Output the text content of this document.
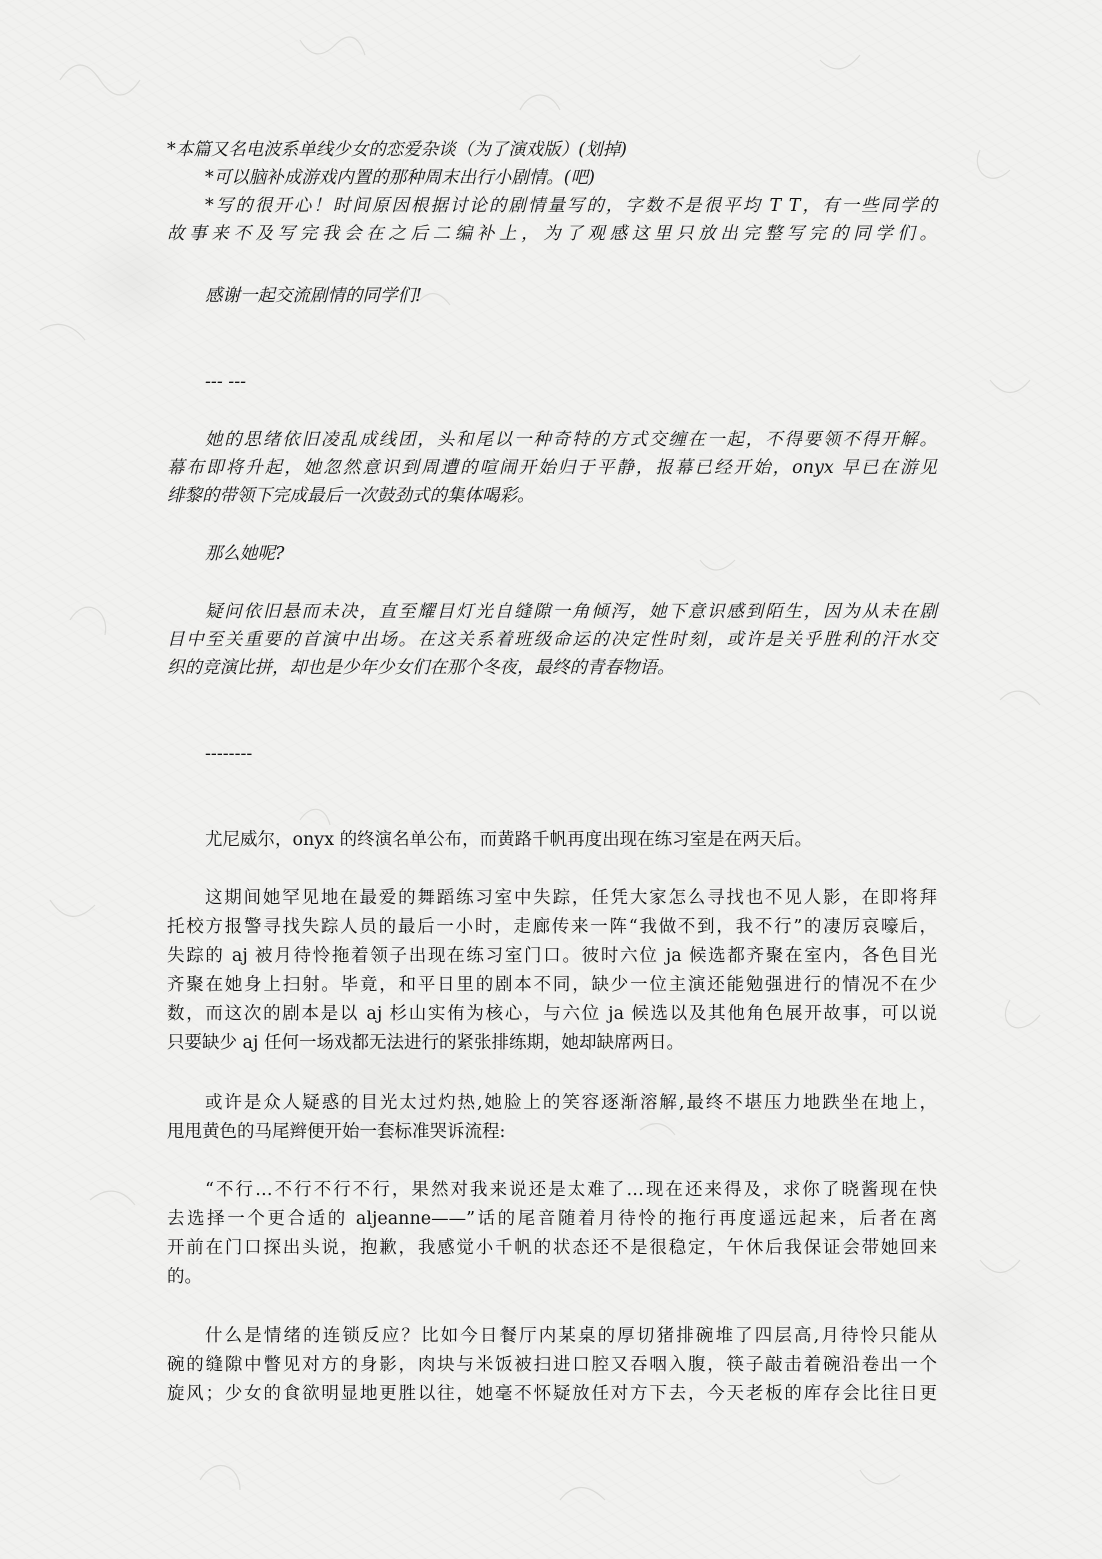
*本篇又名电波系单线少女的恋爱杂谈（为了演戏版）(划掉)
*可以脑补成游戏内置的那种周末出行小剧情。(吧)
*写的很开心！时间原因根据讨论的剧情量写的，字数不是很平均 T T，有一些同学的
故事来不及写完我会在之后二编补上，为了观感这里只放出完整写完的同学们。
感谢一起交流剧情的同学们!
--- ---
她的思绪依旧凌乱成线团，头和尾以一种奇特的方式交缠在一起，不得要领不得开解。
幕布即将升起，她忽然意识到周遭的喧闹开始归于平静，报幕已经开始，onyx 早已在游见
绯黎的带领下完成最后一次鼓劲式的集体喝彩。
那么她呢?
疑问依旧悬而未决，直至耀目灯光自缝隙一角倾泻，她下意识感到陌生，因为从未在剧
目中至关重要的首演中出场。在这关系着班级命运的决定性时刻，或许是关乎胜利的汗水交
织的竞演比拼，却也是少年少女们在那个冬夜，最终的青春物语。
--------
尤尼威尔，onyx 的终演名单公布，而黄路千帆再度出现在练习室是在两天后。
这期间她罕见地在最爱的舞蹈练习室中失踪，任凭大家怎么寻找也不见人影，在即将拜
托校方报警寻找失踪人员的最后一小时，走廊传来一阵“我做不到，我不行”的凄厉哀嚎后，
失踪的 aj 被月待怜拖着领子出现在练习室门口。彼时六位 ja 候选都齐聚在室内，各色目光
齐聚在她身上扫射。毕竟，和平日里的剧本不同，缺少一位主演还能勉强进行的情况不在少
数，而这次的剧本是以 aj 杉山实侑为核心，与六位 ja 候选以及其他角色展开故事，可以说
只要缺少 aj 任何一场戏都无法进行的紧张排练期，她却缺席两日。
或许是众人疑惑的目光太过灼热,她脸上的笑容逐渐溶解,最终不堪压力地跌坐在地上，
甩甩黄色的马尾辫便开始一套标准哭诉流程:
“不行…不行不行不行，果然对我来说还是太难了…现在还来得及，求你了晓酱现在快
去选择一个更合适的 aljeanne——”话的尾音随着月待怜的拖行再度遥远起来，后者在离
开前在门口探出头说，抱歉，我感觉小千帆的状态还不是很稳定，午休后我保证会带她回来
的。
什么是情绪的连锁反应？比如今日餐厅内某桌的厚切猪排碗堆了四层高,月待怜只能从
碗的缝隙中瞥见对方的身影，肉块与米饭被扫进口腔又吞咽入腹，筷子敲击着碗沿卷出一个
旋风；少女的食欲明显地更胜以往，她毫不怀疑放任对方下去，今天老板的库存会比往日更
